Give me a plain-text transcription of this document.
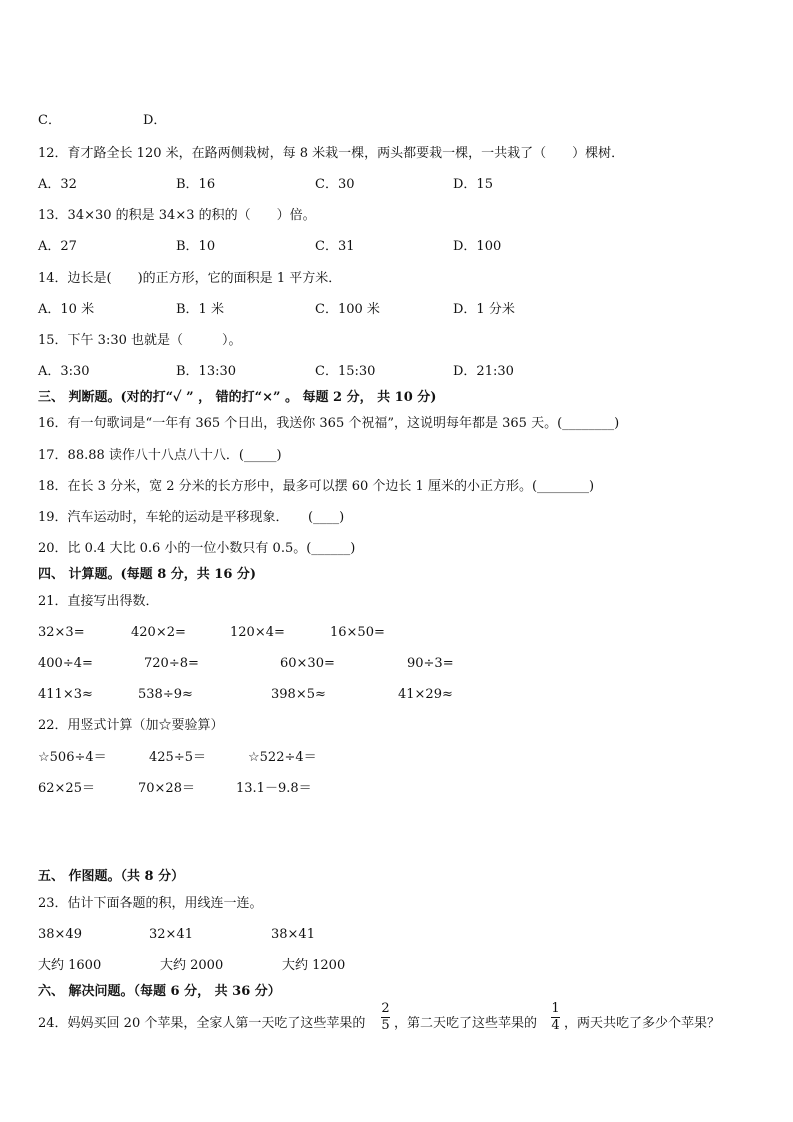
C．	D．
12．育才路全长 120 米，在路两侧栽树，每 8 米栽一棵，两头都要栽一棵，一共栽了（　　）棵树．
A．32	B．16	C．30	D．15
13．34×30 的积是 34×3 的积的（　　）倍。
A．27	B．10	C．31	D．100
14．边长是(　　)的正方形，它的面积是 1 平方米．
A．10 米	B．1 米	C．100 米	D．1 分米
15．下午 3:30 也就是（　　　）。
A．3:30	B．13:30	C．15:30	D．21:30
三、 判断题。(对的打“✓ ” ， 错的打“×” 。 每题 2 分， 共 10 分)
16．有一句歌词是“一年有 365 个日出，我送你 365 个祝福”，这说明每年都是 365 天。(________)
17．88.88 读作八十八点八十八．(_____)
18．在长 3 分米，宽 2 分米的长方形中，最多可以摆 60 个边长 1 厘米的小正方形。(________)
19．汽车运动时，车轮的运动是平移现象．　　(____)
20．比 0.4 大比 0.6 小的一位小数只有 0.5。(______)
四、 计算题。(每题 8 分，共 16 分)
21．直接写出得数．
32×3=	420×2=	120×4=	16×50=
400÷4=	720÷8=	60×30=	90÷3=
411×3≈	538÷9≈	398×5≈	41×29≈
22．用竖式计算（加☆要验算）
☆506÷4＝	425÷5＝	☆522÷4＝
62×25＝	70×28＝	13.1－9.8＝
五、 作图题。（共 8 分）
23．估计下面各题的积，用线连一连。
38×49	32×41	38×41
大约 1600	大约 2000	大约 1200
六、 解决问题。（每题 6 分， 共 36 分）
24．妈妈买回 20 个苹果，全家人第一天吃了这些苹果的
2
5 ，第二天吃了这些苹果的
1
4 ，两天共吃了多少个苹果？
